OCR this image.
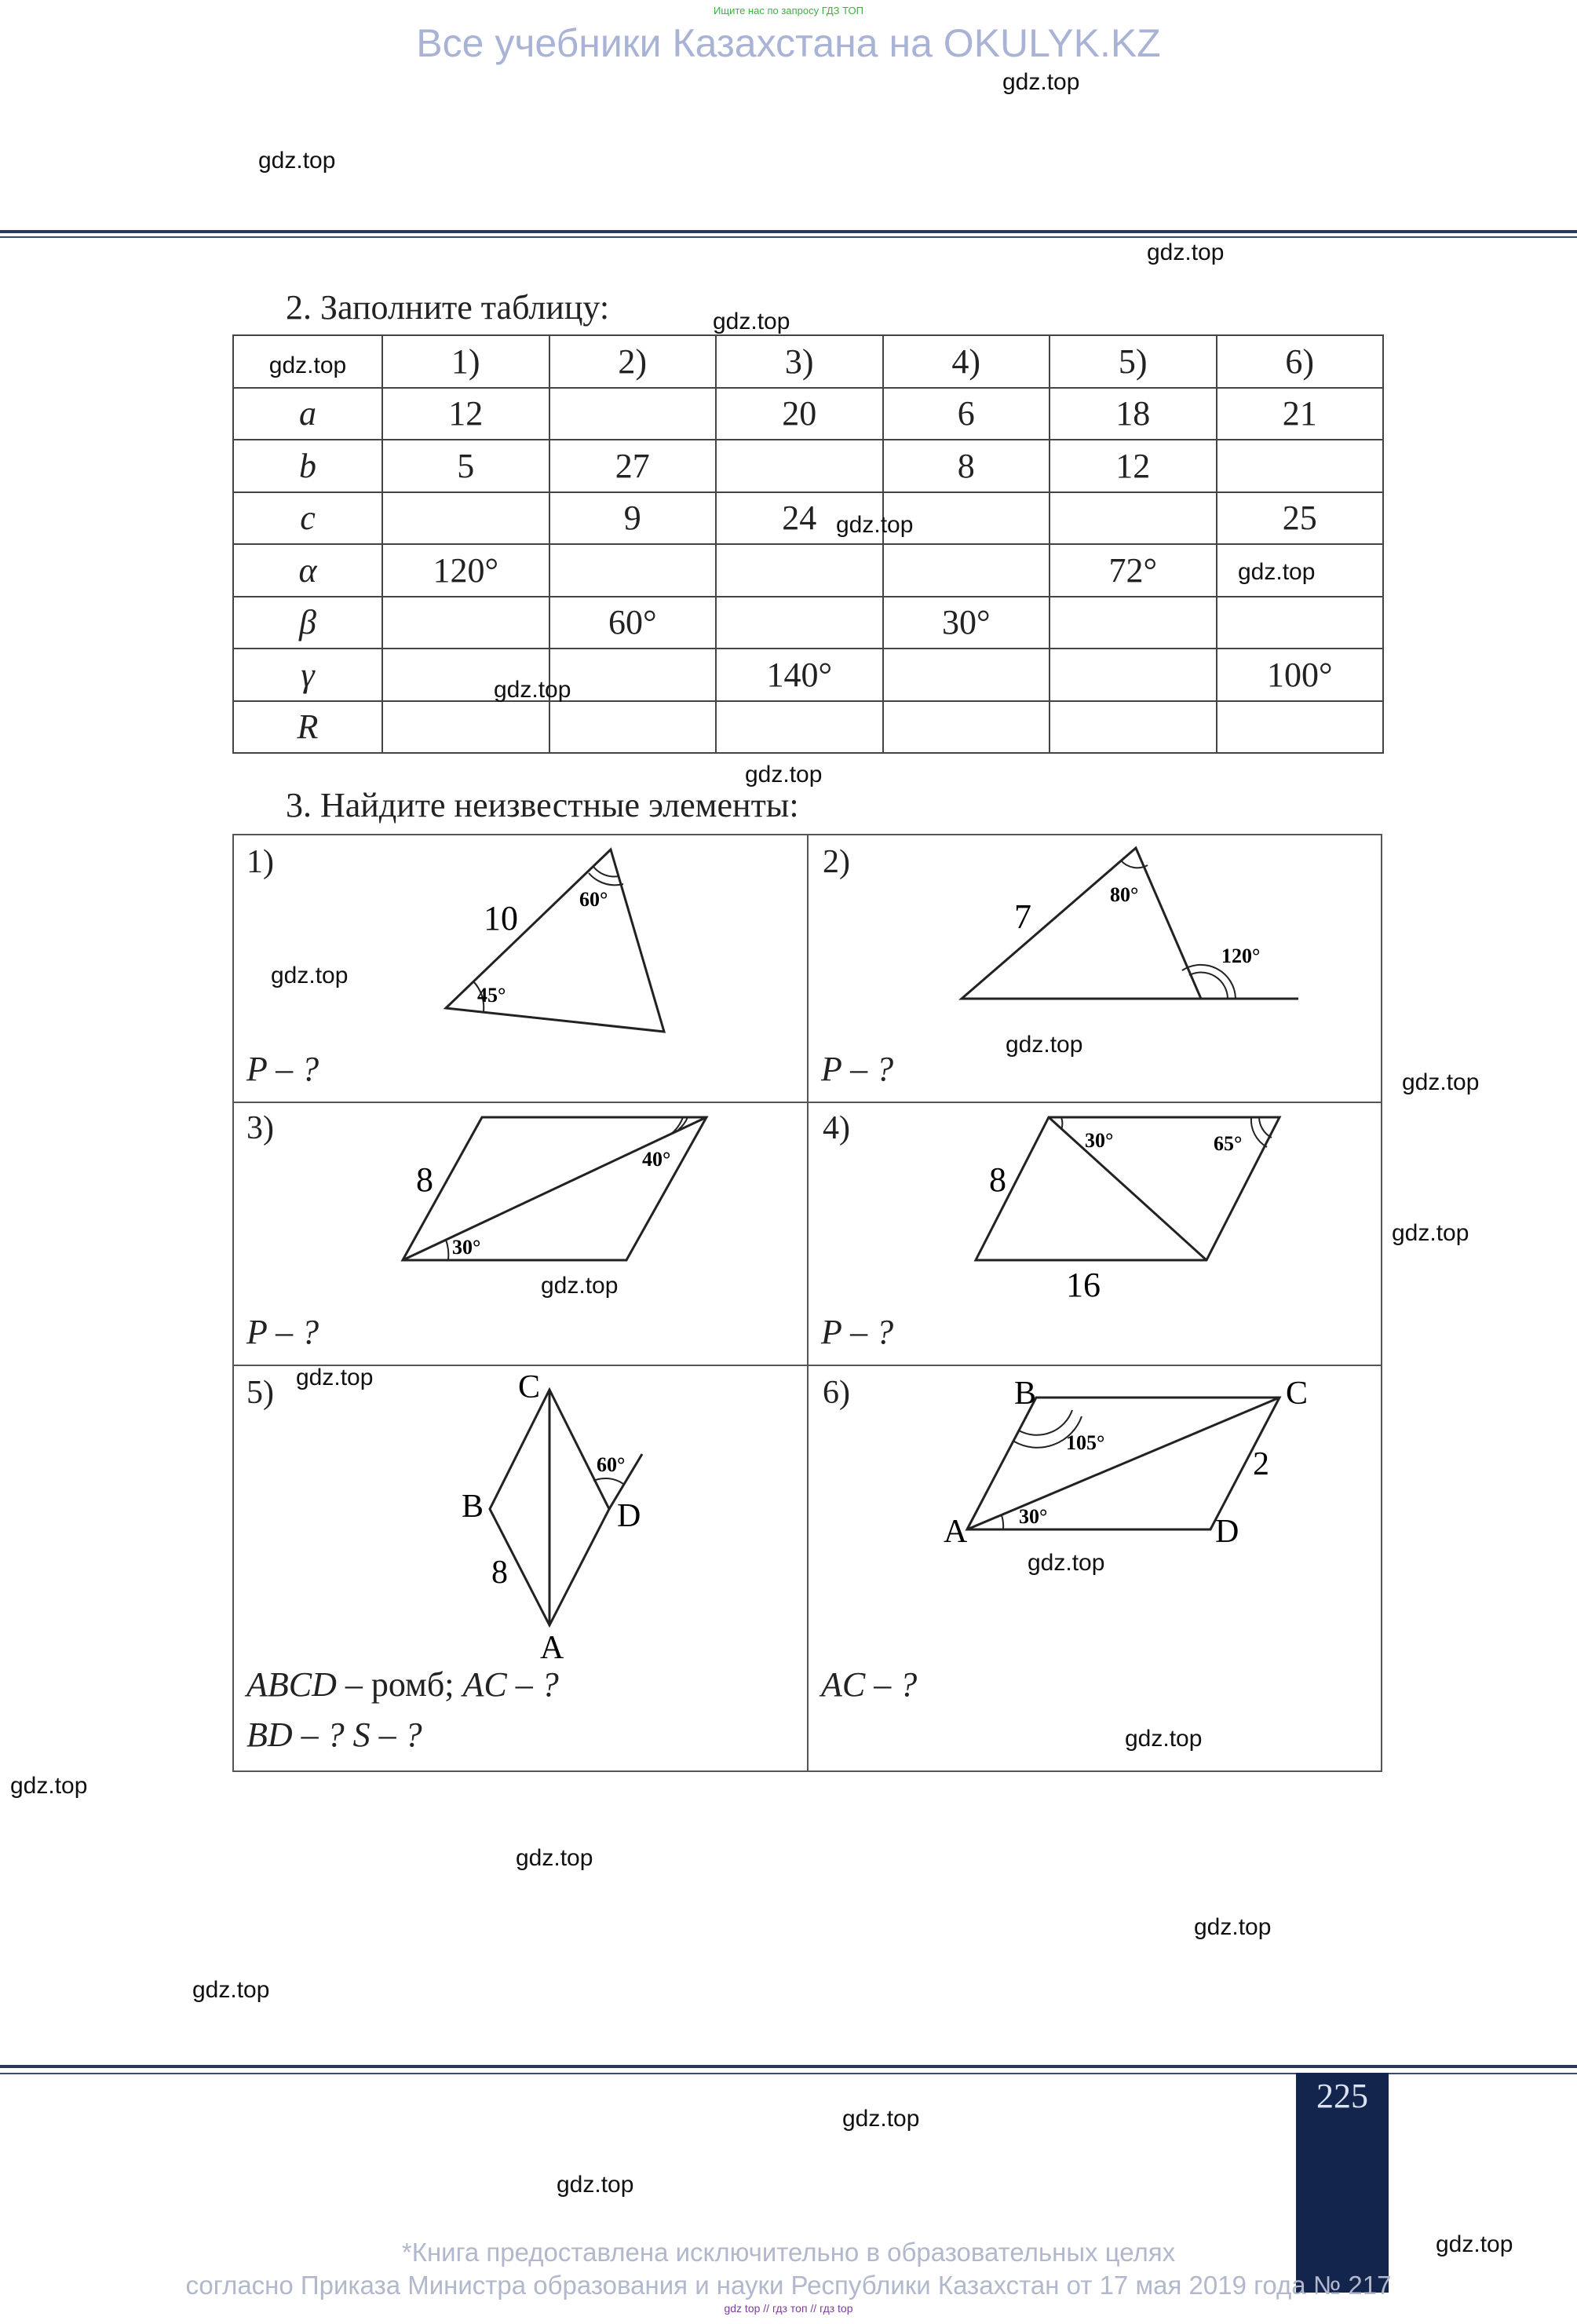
Ищите нас по запросу ГДЗ ТОП
Все учебники Казахстана на OKULYK.KZ
2. Заполните таблицу:
gdz.top	1)	2)	3)	4)	5)	6)
a	12		20	6	18	21
b	5	27		8	12	
c		9	24			25
α	120°				72°	
β		60°		30°		
γ			140°			100°
R						
3. Найдите неизвестные элементы:
1)
10	60°
45°
P – ?
2)
7
80°
120°
P – ?
3)
8
40°
30°
P – ?
4)
8
16
30°	65°
P – ?
5)	C
B	D
A
8
60°
ABCD – ромб; AC – ?
BD – ? S – ?
6)	B	C
A	D
2
105°
30°
AC – ?
225
*Книга предоставлена исключительно в образовательных целях
согласно Приказа Министра образования и науки Республики Казахстан от 17 мая 2019 года № 217
gdz top // гдз топ // гдз top
gdz.top
gdz.top
gdz.top
gdz.top
gdz.top
gdz.top
gdz.top
gdz.top
gdz.top
gdz.top
gdz.top
gdz.top
gdz.top
gdz.top
gdz.top
gdz.top
gdz.top
gdz.top
gdz.top
gdz.top
gdz.top
gdz.top
gdz.top
